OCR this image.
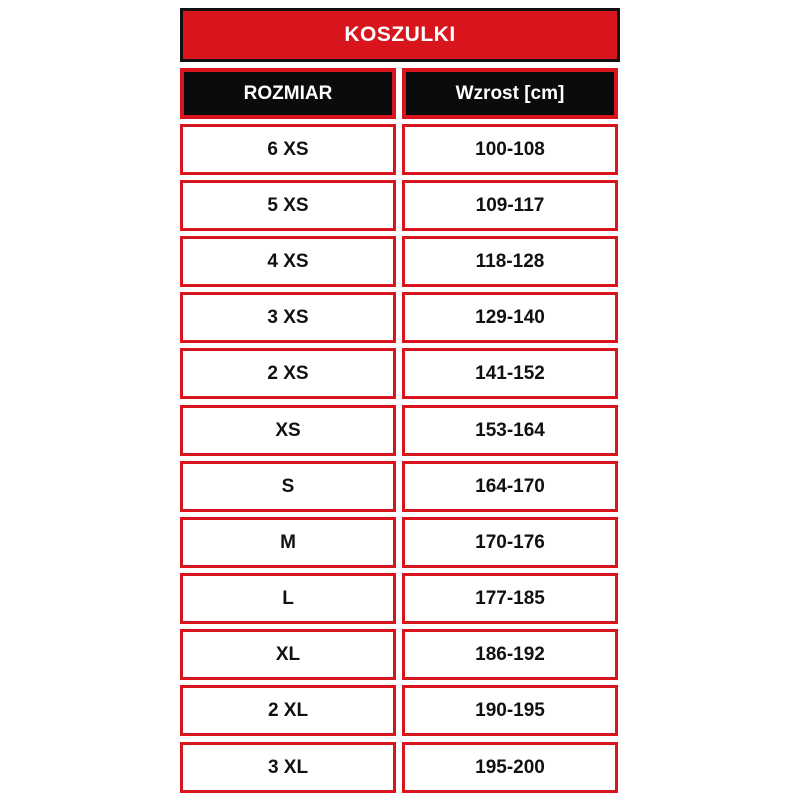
KOSZULKI
ROZMIAR	Wzrost [cm]
6 XS	100-108
5 XS	109-117
4 XS	118-128
3 XS	129-140
2 XS	141-152
XS	153-164
S	164-170
M	170-176
L	177-185
XL	186-192
2 XL	190-195
3 XL	195-200
